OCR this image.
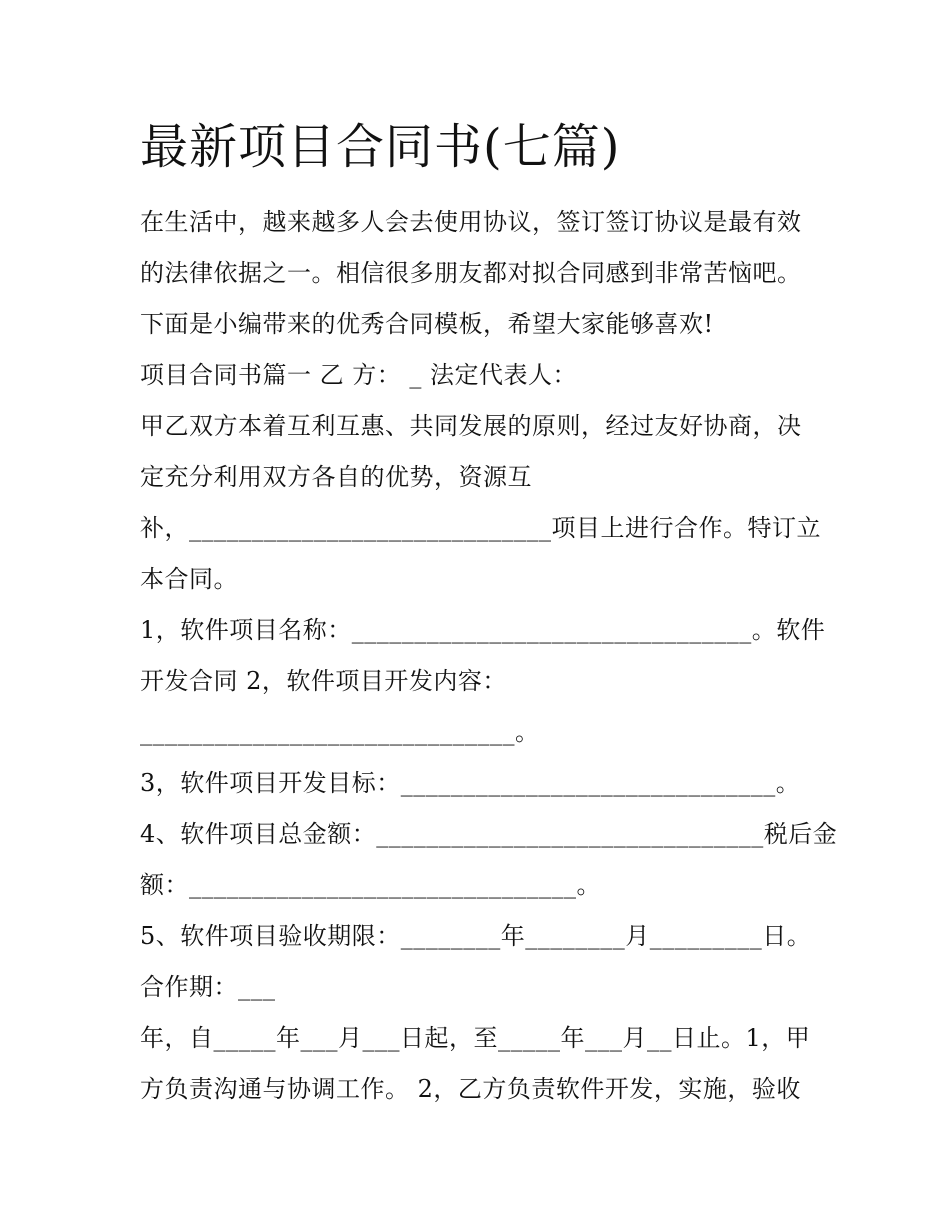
最新项目合同书(七篇)
在生活中，越来越多人会去使用协议，签订签订协议是最有效
的法律依据之一。相信很多朋友都对拟合同感到非常苦恼吧。
下面是小编带来的优秀合同模板，希望大家能够喜欢!
项目合同书篇一 乙 方： _ 法定代表人：
甲乙双方本着互利互惠、共同发展的原则，经过友好协商，决
定充分利用双方各自的优势，资源互
补，_____________________________项目上进行合作。特订立
本合同。
1，软件项目名称：________________________________。软件
开发合同 2，软件项目开发内容：
______________________________。
3，软件项目开发目标：______________________________。
4、软件项目总金额：_______________________________税后金
额：_______________________________。
5、软件项目验收期限：________年________月_________日。
合作期：___
年，自_____年___月___日起，至_____年___月__日止。1，甲
方负责沟通与协调工作。 2，乙方负责软件开发，实施，验收
